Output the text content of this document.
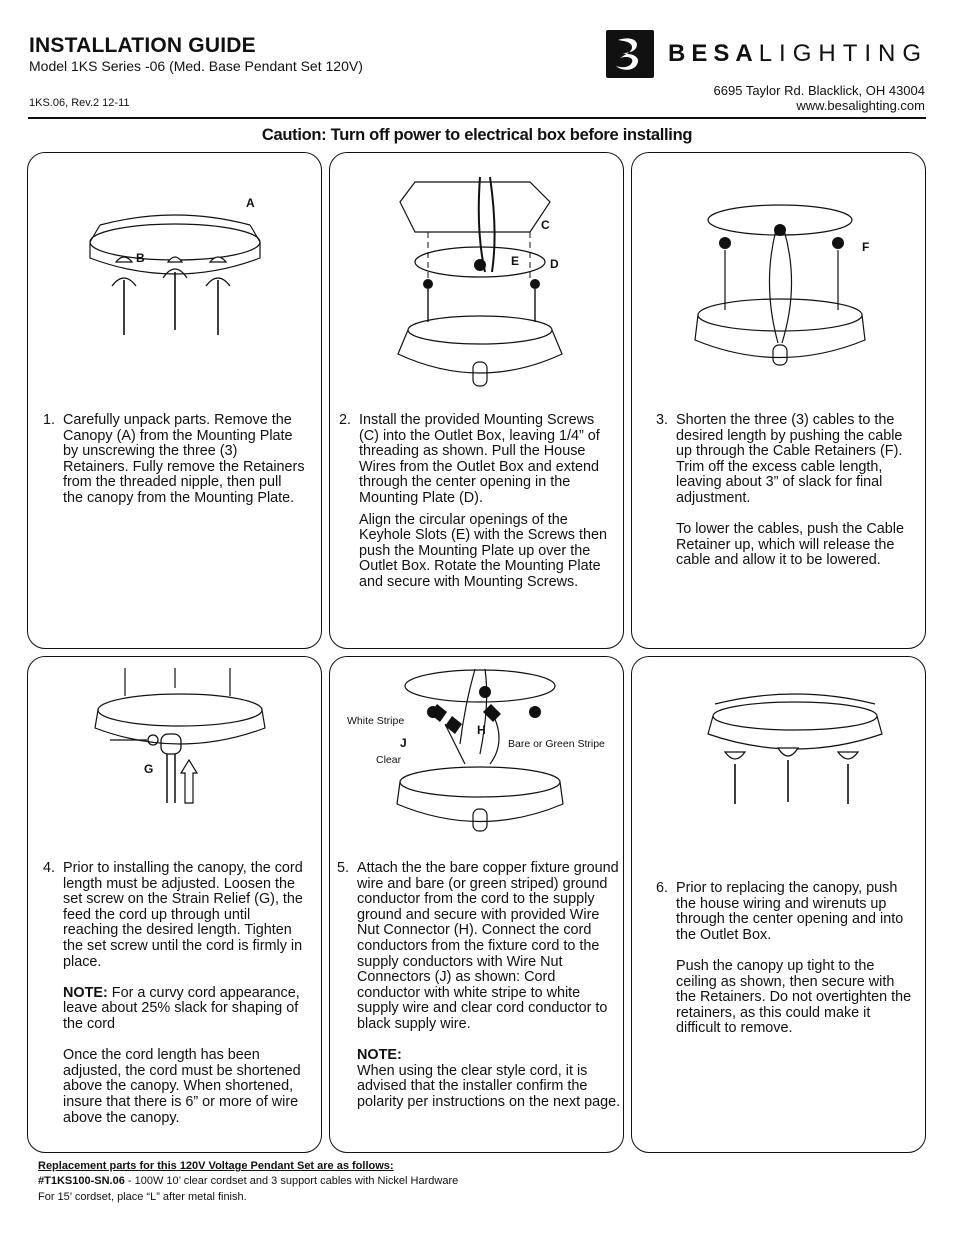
INSTALLATION GUIDE
Model 1KS Series -06 (Med. Base Pendant Set 120V)
1KS.06, Rev.2 12-11
BESALIGHTING
6695 Taylor Rd. Blacklick, OH 43004
www.besalighting.com
Caution: Turn off power to electrical box before installing
A
B
C
E	D
F
G
White Stripe
J
H
Bare or Green Stripe
Clear
1. Carefully unpack parts. Remove the Canopy (A) from the Mounting Plate by unscrewing the three (3) Retainers. Fully remove the Retainers from the threaded nipple, then pull the canopy from the Mounting Plate.

2. Install the provided Mounting Screws (C) into the Outlet Box, leaving 1/4” of threading as shown. Pull the House Wires from the Outlet Box and extend through the center opening in the Mounting Plate (D).

Align the circular openings of the Keyhole Slots (E) with the Screws then push the Mounting Plate up over the Outlet Box. Rotate the Mounting Plate and secure with Mounting Screws.

3. Shorten the three (3) cables to the desired length by pushing the cable up through the Cable Retainers (F). Trim off the excess cable length, leaving about 3” of slack for final adjustment.

To lower the cables, push the Cable Retainer up, which will release the cable and allow it to be lowered.

4. Prior to installing the canopy, the cord length must be adjusted. Loosen the set screw on the Strain Relief (G), the feed the cord up through until reaching the desired length. Tighten the set screw until the cord is firmly in place.

NOTE: For a curvy cord appearance, leave about 25% slack for shaping of the cord

Once the cord length has been adjusted, the cord must be shortened above the canopy. When shortened, insure that there is 6” or more of wire above the canopy.

5. Attach the the bare copper fixture ground wire and bare (or green striped) ground conductor from the cord to the supply ground and secure with provided Wire Nut Connector (H). Connect the cord conductors from the fixture cord to the supply conductors with Wire Nut Connectors (J) as shown: Cord conductor with white stripe to white supply wire and clear cord conductor to black supply wire.

NOTE:

When using the clear style cord, it is advised that the installer confirm the polarity per instructions on the next page.

6. Prior to replacing the canopy, push the house wiring and wirenuts up through the center opening and into the Outlet Box.

Push the canopy up tight to the ceiling as shown, then secure with the Retainers. Do not overtighten the retainers, as this could make it difficult to remove.

Replacement parts for this 120V Voltage Pendant Set are as follows:
#T1KS100-SN.06 - 100W 10’ clear cordset and 3 support cables with Nickel Hardware
For 15’ cordset, place “L” after metal finish.
